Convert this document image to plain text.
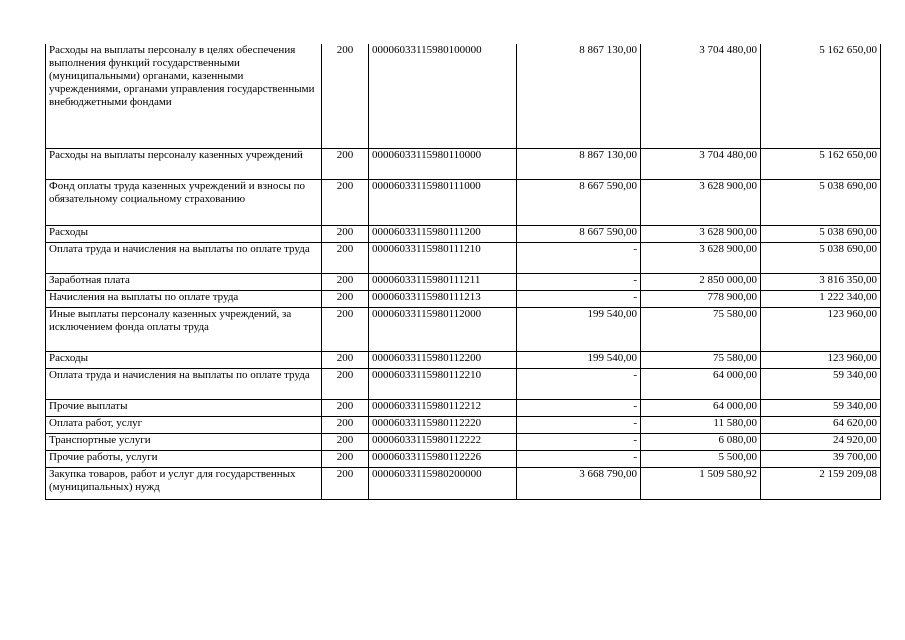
Расходы на выплаты персоналу в целях обеспечения выполнения функций государственными (муниципальными) органами, казенными учреждениями, органами управления государственными внебюджетными фондами	200	00006033115980100000	8 867 130,00	3 704 480,00	5 162 650,00
Расходы на выплаты персоналу казенных учреждений	200	00006033115980110000	8 867 130,00	3 704 480,00	5 162 650,00
Фонд оплаты труда казенных учреждений и взносы по обязательному социальному страхованию	200	00006033115980111000	8 667 590,00	3 628 900,00	5 038 690,00
Расходы	200	00006033115980111200	8 667 590,00	3 628 900,00	5 038 690,00
Оплата труда и начисления на выплаты по оплате труда	200	00006033115980111210	-	3 628 900,00	5 038 690,00
Заработная плата	200	00006033115980111211	-	2 850 000,00	3 816 350,00
Начисления на выплаты по оплате труда	200	00006033115980111213	-	778 900,00	1 222 340,00
Иные выплаты персоналу казенных учреждений, за исключением фонда оплаты труда	200	00006033115980112000	199 540,00	75 580,00	123 960,00
Расходы	200	00006033115980112200	199 540,00	75 580,00	123 960,00
Оплата труда и начисления на выплаты по оплате труда	200	00006033115980112210	-	64 000,00	59 340,00
Прочие выплаты	200	00006033115980112212	-	64 000,00	59 340,00
Оплата работ, услуг	200	00006033115980112220	-	11 580,00	64 620,00
Транспортные услуги	200	00006033115980112222	-	6 080,00	24 920,00
Прочие работы, услуги	200	00006033115980112226	-	5 500,00	39 700,00
Закупка товаров, работ и услуг для государственных (муниципальных) нужд	200	00006033115980200000	3 668 790,00	1 509 580,92	2 159 209,08
